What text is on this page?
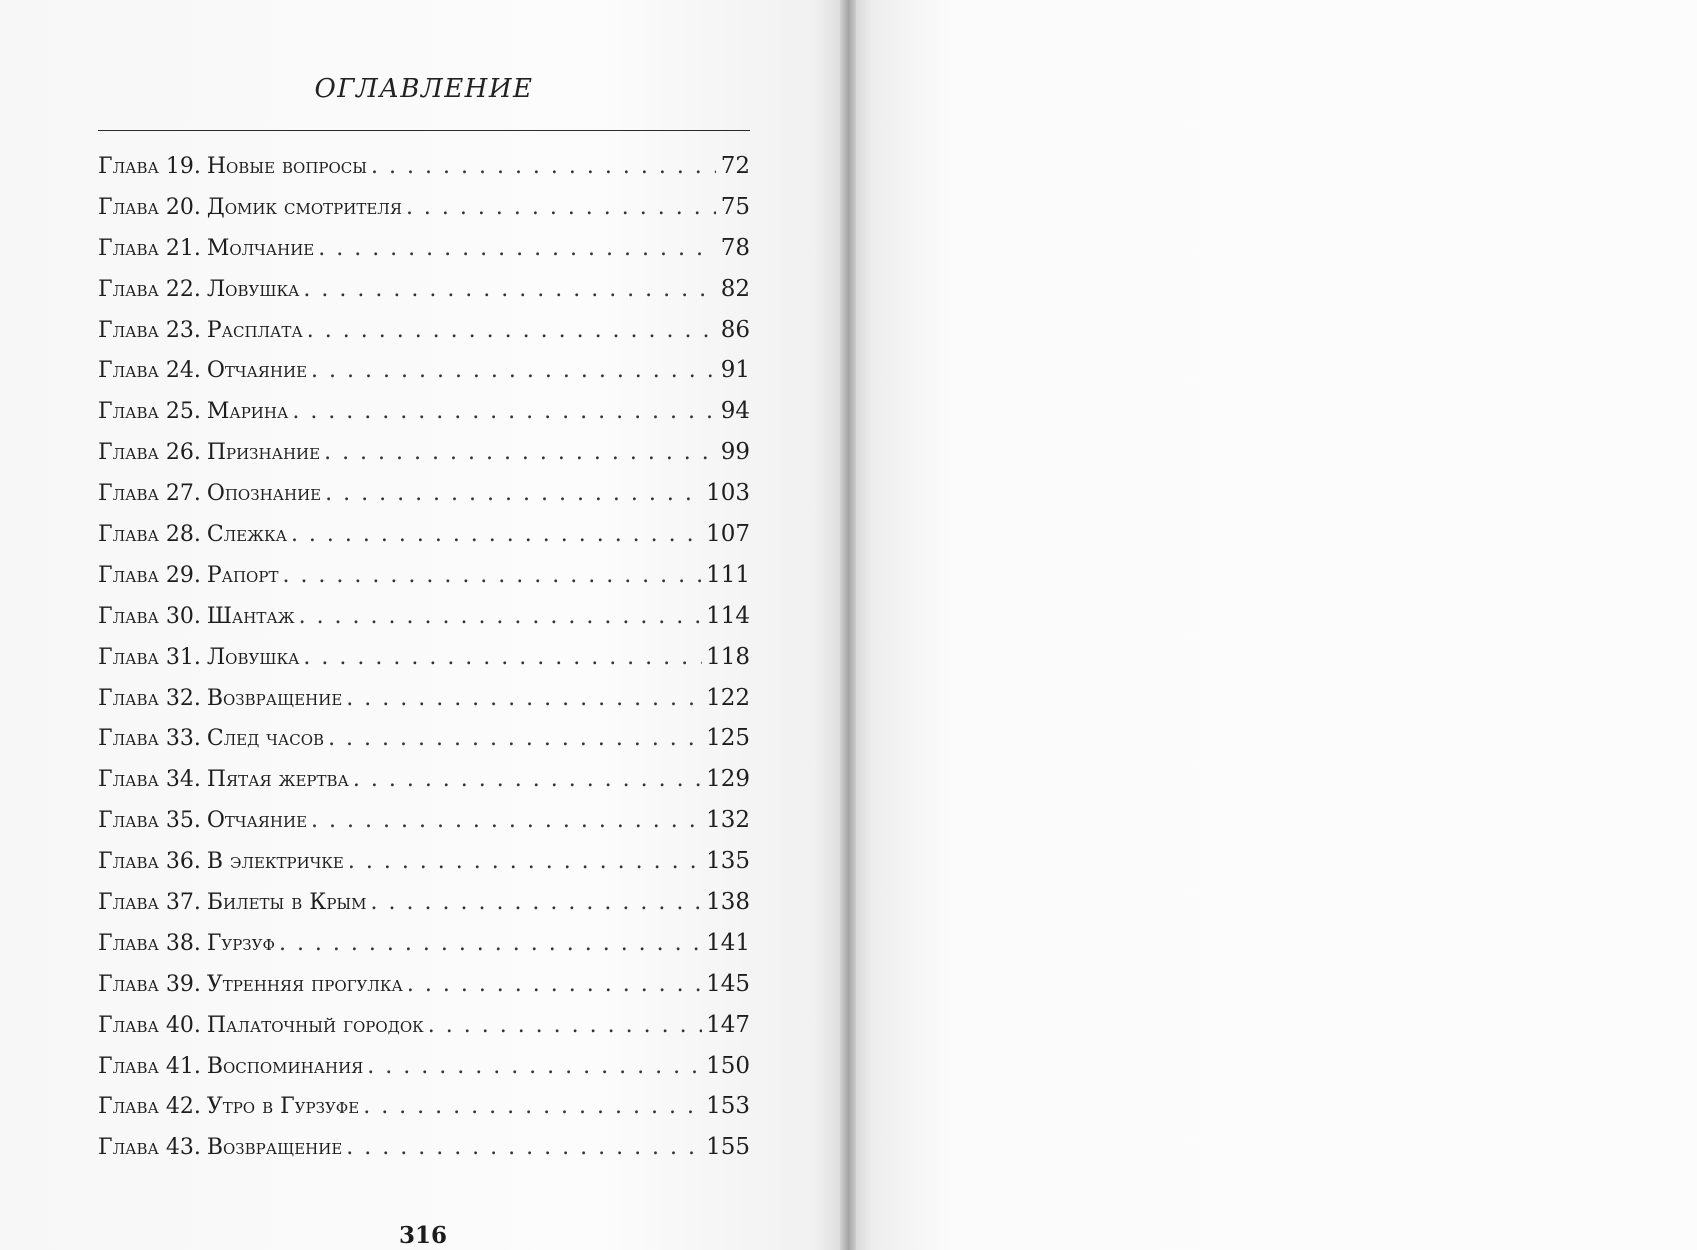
ОГЛАВЛЕНИЕ
Глава 19. Новые вопросы . . .	72
Глава 20. Домик смотрителя . . .	75
Глава 21. Молчание . . .	78
Глава 22. Ловушка . . .	82
Глава 23. Расплата . . .	86
Глава 24. Отчаяние . . .	91
Глава 25. Марина . . .	94
Глава 26. Признание . . .	99
Глава 27. Опознание . . .	103
Глава 28. Слежка . . .	107
Глава 29. Рапорт . . .	111
Глава 30. Шантаж . . .	114
Глава 31. Ловушка . . .	118
Глава 32. Возвращение . . .	122
Глава 33. След часов . . .	125
Глава 34. Пятая жертва . . .	129
Глава 35. Отчаяние . . .	132
Глава 36. В электричке . . .	135
Глава 37. Билеты в Крым . . .	138
Глава 38. Гурзуф . . .	141
Глава 39. Утренняя прогулка . . .	145
Глава 40. Палаточный городок . . .	147
Глава 41. Воспоминания . . .	150
Глава 42. Утро в Гурзуфе . . .	153
Глава 43. Возвращение . . .	155
316
